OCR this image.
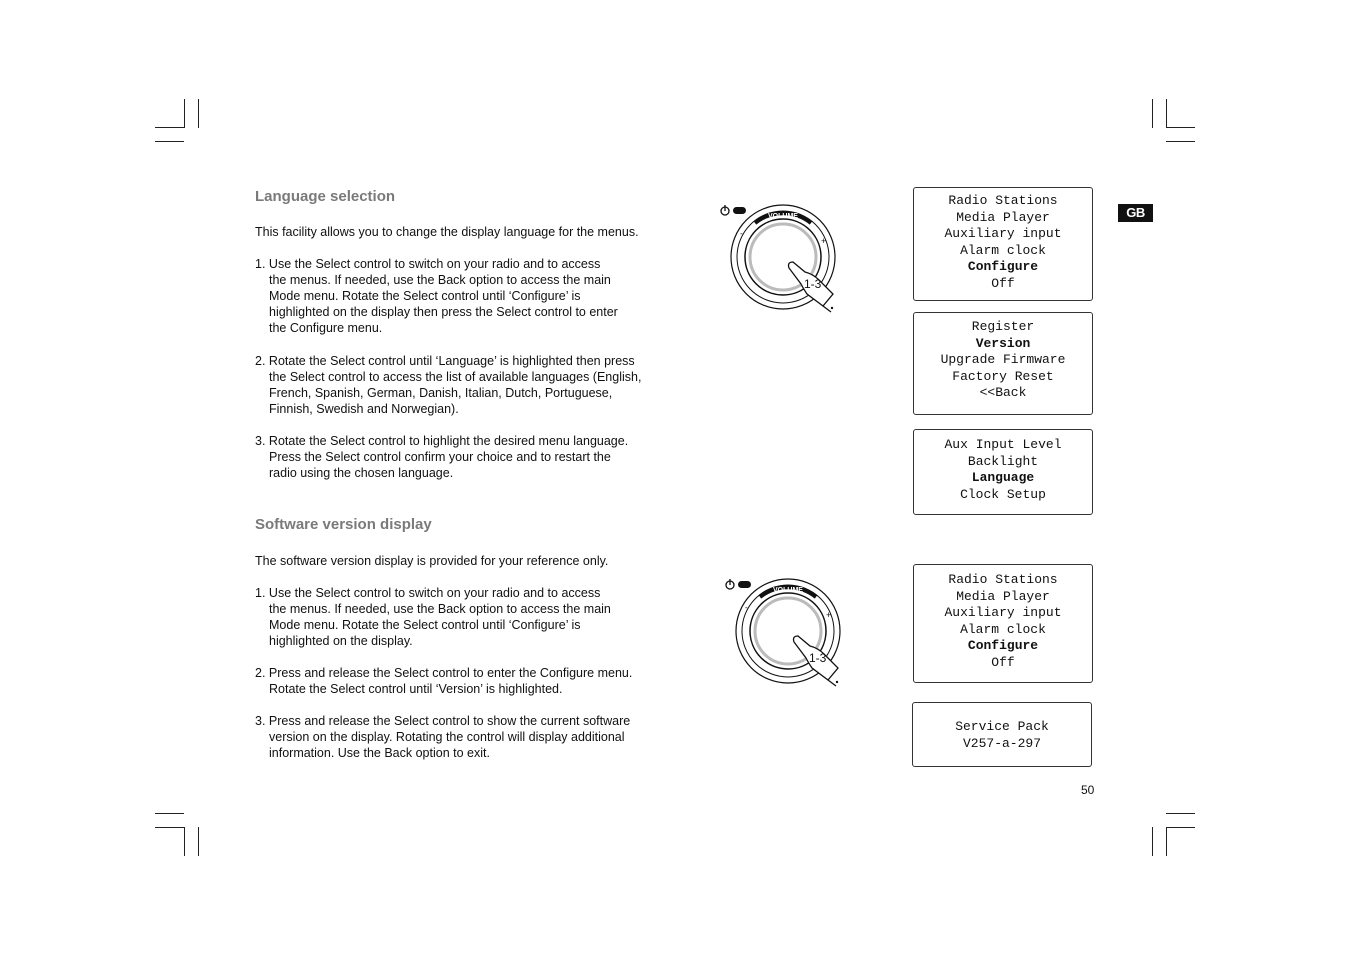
Language selection

This facility allows you to change the display language for the menus.

1. Use the Select control to switch on your radio and to access
the menus. If needed, use the Back option to access the main
Mode menu. Rotate the Select control until ‘Configure’ is
highlighted on the display then press the Select control to enter
the Configure menu.
2. Rotate the Select control until ‘Language’ is highlighted then press
the Select control to access the list of available languages (English,
French, Spanish, German, Danish, Italian, Dutch, Portuguese,
Finnish, Swedish and Norwegian).
3. Rotate the Select control to highlight the desired menu language.
Press the Select control confirm your choice and to restart the
radio using the chosen language.
Software version display

The software version display is provided for your reference only.

1. Use the Select control to switch on your radio and to access
the menus. If needed, use the Back option to access the main
Mode menu. Rotate the Select control until ‘Configure’ is
highlighted on the display.
2. Press and release the Select control to enter the Configure menu.
Rotate the Select control until ‘Version’ is highlighted.
3. Press and release the Select control to show the current software
version on the display. Rotating the control will display additional
information. Use the Back option to exit.
VOLUME
-
+
1-3
VOLUME
-
+
1-3
Radio Stations
Media Player
Auxiliary input
Alarm clock
Configure
Off
Register
Version
Upgrade Firmware
Factory Reset
<<Back
Aux Input Level
Backlight
Language
Clock Setup
Radio Stations
Media Player
Auxiliary input
Alarm clock
Configure
Off
Service Pack
V257-a-297
GB
50
